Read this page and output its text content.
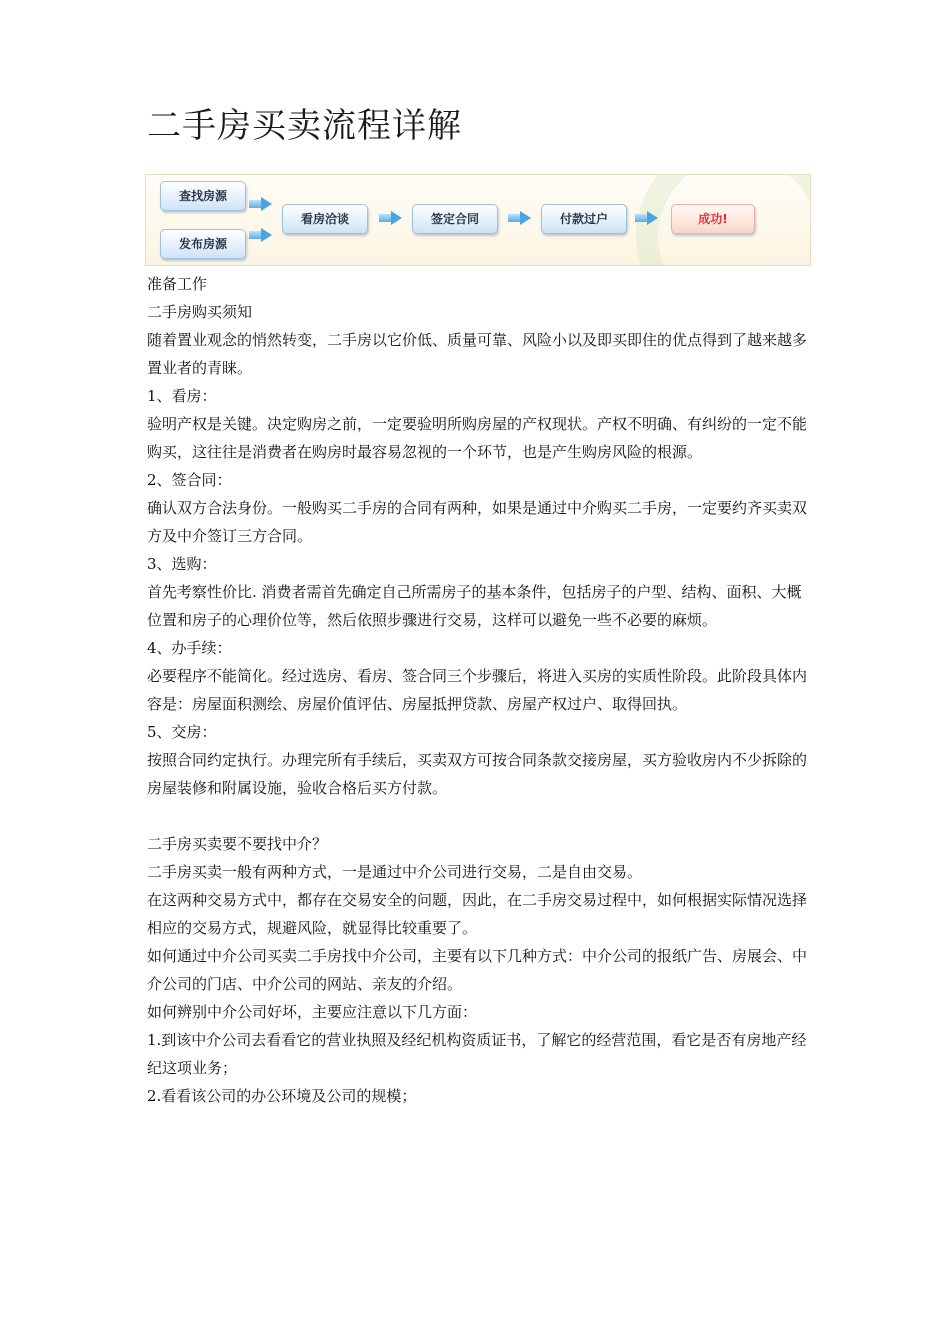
二手房买卖流程详解
查找房源
发布房源
看房洽谈	签定合同	付款过户	成功!

准备工作

二手房购买须知

随着置业观念的悄然转变，二手房以它价低、质量可靠、风险小以及即买即住的优点得到了越来越多置业者的青睐。

1、看房：

验明产权是关键。决定购房之前，一定要验明所购房屋的产权现状。产权不明确、有纠纷的一定不能购买，这往往是消费者在购房时最容易忽视的一个环节，也是产生购房风险的根源。

2、签合同：

确认双方合法身份。一般购买二手房的合同有两种，如果是通过中介购买二手房，一定要约齐买卖双方及中介签订三方合同。

3、选购：

首先考察性价比. 消费者需首先确定自己所需房子的基本条件，包括房子的户型、结构、面积、大概位置和房子的心理价位等，然后依照步骤进行交易，这样可以避免一些不必要的麻烦。

4、办手续：

必要程序不能简化。经过选房、看房、签合同三个步骤后，将进入买房的实质性阶段。此阶段具体内容是：房屋面积测绘、房屋价值评估、房屋抵押贷款、房屋产权过户、取得回执。

5、交房：

按照合同约定执行。办理完所有手续后，买卖双方可按合同条款交接房屋，买方验收房内不少拆除的房屋装修和附属设施，验收合格后买方付款。

二手房买卖要不要找中介？

二手房买卖一般有两种方式，一是通过中介公司进行交易，二是自由交易。

在这两种交易方式中，都存在交易安全的问题，因此，在二手房交易过程中，如何根据实际情况选择相应的交易方式，规避风险，就显得比较重要了。

如何通过中介公司买卖二手房找中介公司，主要有以下几种方式：中介公司的报纸广告、房展会、中介公司的门店、中介公司的网站、亲友的介绍。

如何辨别中介公司好坏，主要应注意以下几方面：

1.到该中介公司去看看它的营业执照及经纪机构资质证书，了解它的经营范围，看它是否有房地产经纪这项业务；

2.看看该公司的办公环境及公司的规模；
